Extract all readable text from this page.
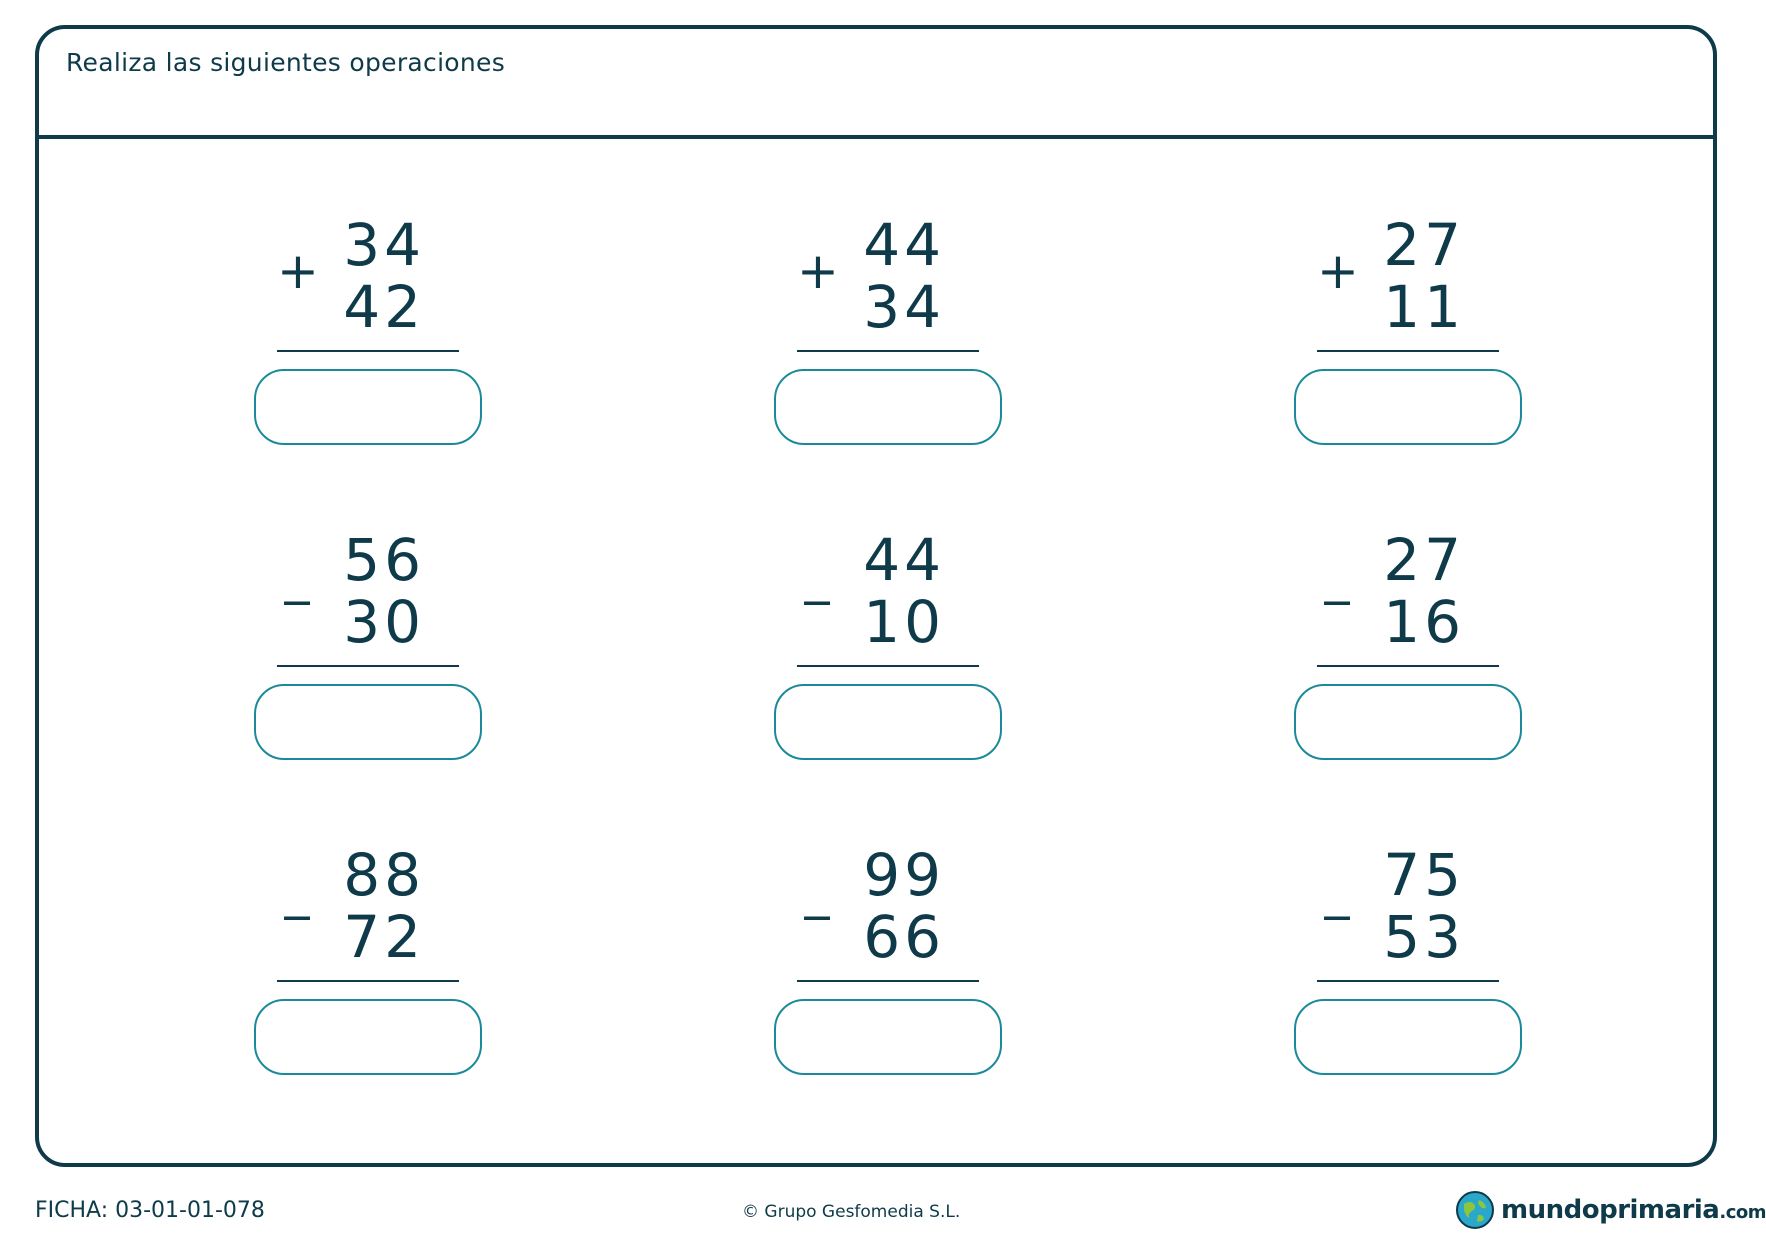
Realiza las siguientes operaciones
+ 34
42
+ 44
34
+ 27
11
_ 56
30
_ 44
10
_ 27
16
_ 88
72
_ 99
66
_ 75
53
FICHA: 03-01-01-078	© Grupo Gesfomedia S.L.	mundoprimaria.com
